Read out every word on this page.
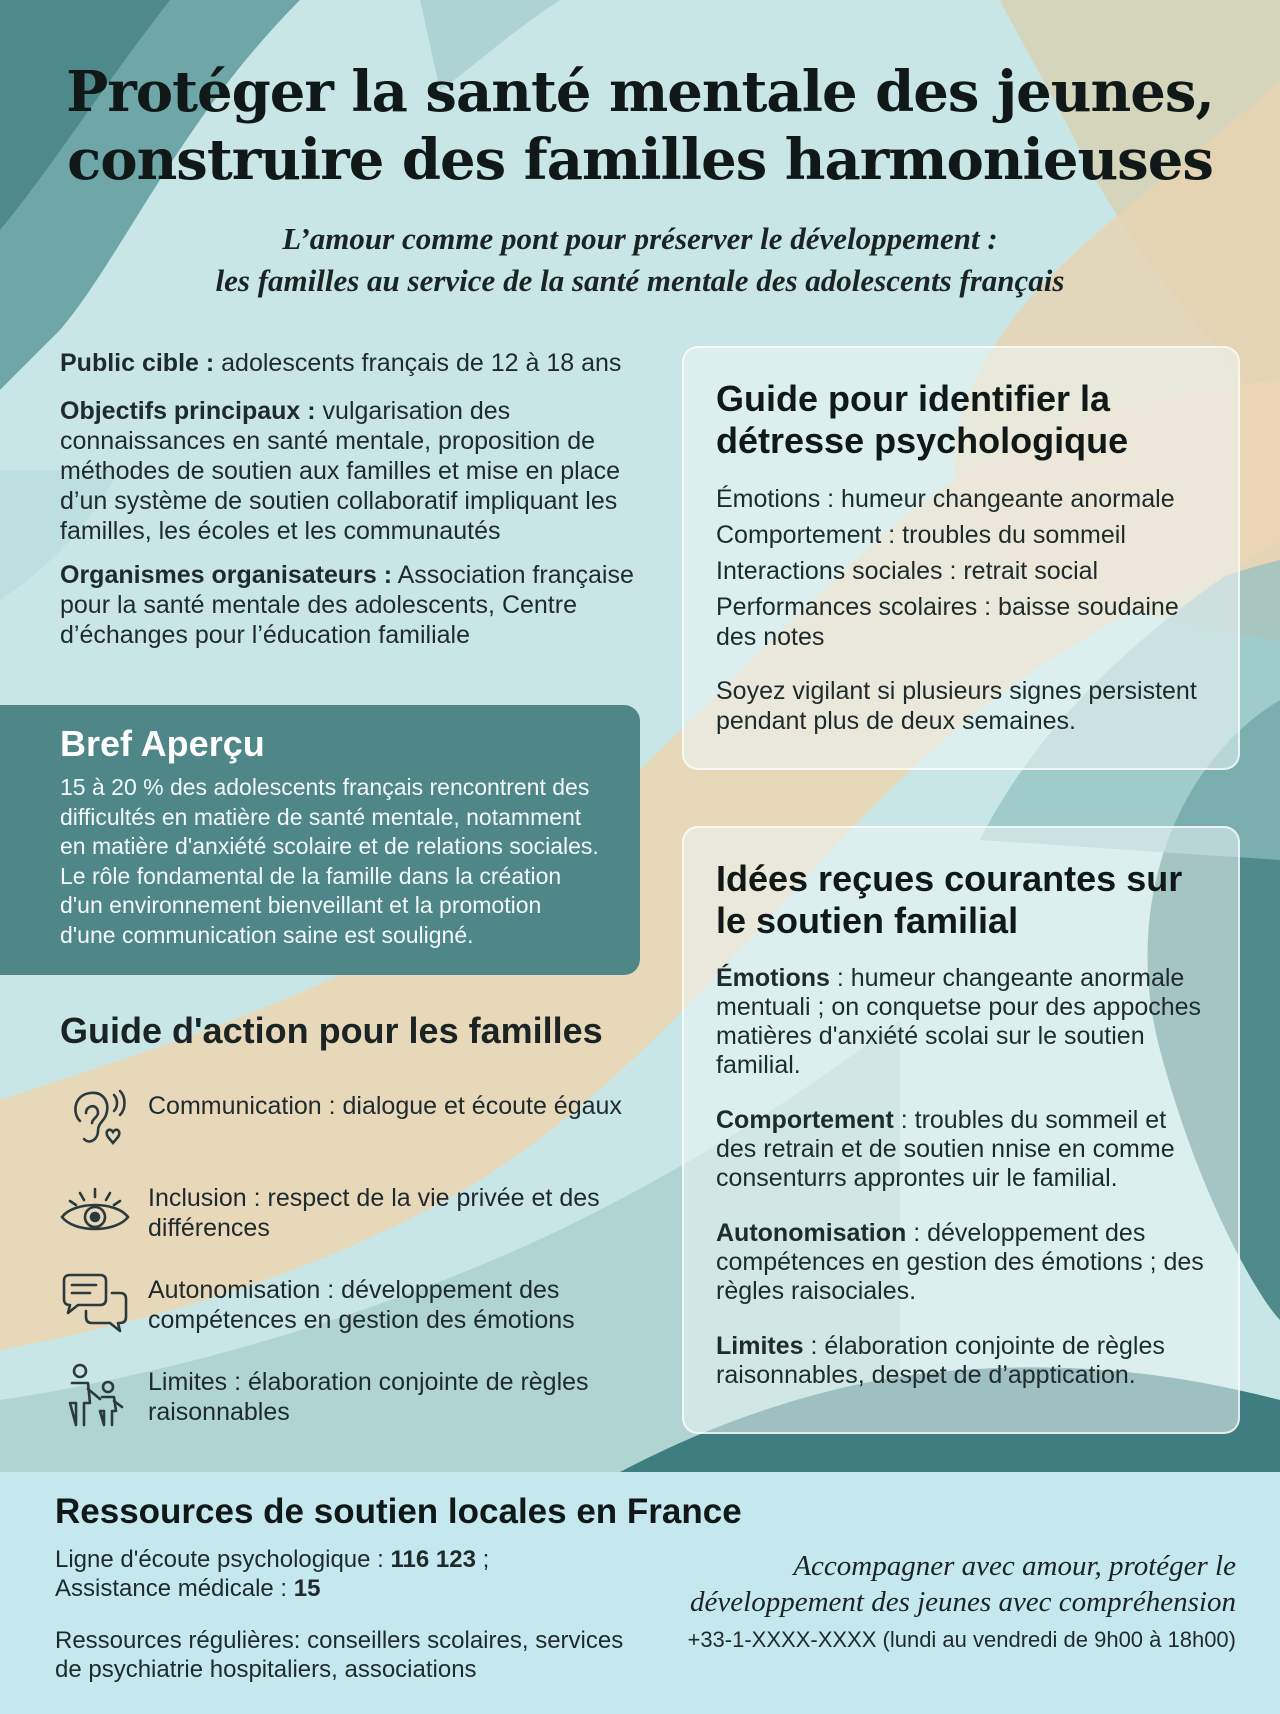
Protéger la santé mentale des jeunes,
construire des familles harmonieuses

L’amour comme pont pour préserver le développement :
les familles au service de la santé mentale des adolescents français

Public cible : adolescents français de 12 à 18 ans

Objectifs principaux : vulgarisation des connaissances en santé mentale, proposition de méthodes de soutien aux familles et mise en place d’un système de soutien collaboratif impliquant les familles, les écoles et les communautés

Organismes organisateurs : Association française pour la santé mentale des adolescents, Centre d’échanges pour l’éducation familiale

Bref Aperçu

15 à 20 % des adolescents français rencontrent des difficultés en matière de santé mentale, notamment en matière d'anxiété scolaire et de relations sociales. Le rôle fondamental de la famille dans la création d'un environnement bienveillant et la promotion d'une communication saine est souligné.

Guide d'action pour les familles
Communication : dialogue et écoute égaux
Inclusion : respect de la vie privée et des différences
Autonomisation : développement des compétences en gestion des émotions
Limites : élaboration conjointe de règles raisonnables
Guide pour identifier la détresse psychologique

Émotions : humeur changeante anormale

Comportement : troubles du sommeil

Interactions sociales : retrait social

Performances scolaires : baisse soudaine des notes

Soyez vigilant si plusieurs signes persistent pendant plus de deux semaines.

Idées reçues courantes sur le soutien familial

Émotions : humeur changeante anormale mentuali ; on conquetse pour des appoches matières d'anxiété scolai sur le soutien familial.

Comportement : troubles du sommeil et des retrain et de soutien nnise en comme consenturrs appronte​s uir le familial.

Autonomisation : développement des compétences en gestion des émotions ; des règles raisociales.

Limites : élaboration conjointe de règles raisonnables, despet de d’apptication.

Ressources de soutien locales en France

Ligne d'écoute psychologique : 116 123 ;
Assistance médicale : 15

Ressources régulières: conseillers scolaires, services de psychiatrie hospitaliers, associations

Accompagner avec amour, protéger le
développement des jeunes avec compréhension

+33-1-XXXX-XXXX (lundi au vendredi de 9h00 à 18h00)
